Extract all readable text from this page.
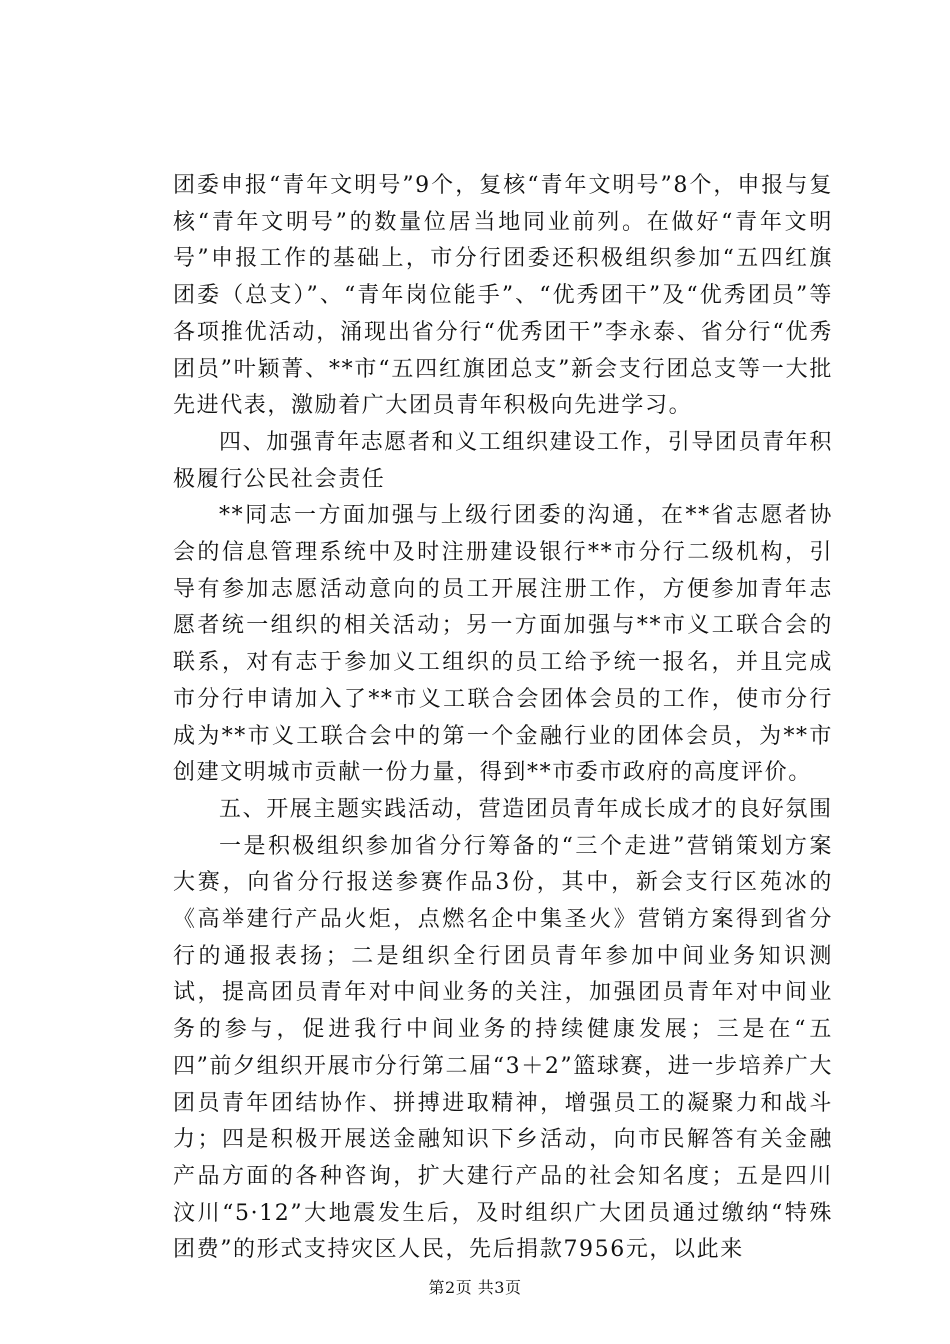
团委申报“青年文明号”9个，复核“青年文明号”8个，申报与复核“青年文明号”的数量位居当地同业前列。在做好“青年文明号”申报工作的基础上，市分行团委还积极组织参加“五四红旗团委（总支）”、“青年岗位能手”、“优秀团干”及“优秀团员”等各项推优活动，涌现出省分行“优秀团干”李永泰、省分行“优秀团员”叶颖菁、**市“五四红旗团总支”新会支行团总支等一大批先进代表，激励着广大团员青年积极向先进学习。

四、加强青年志愿者和义工组织建设工作，引导团员青年积极履行公民社会责任

**同志一方面加强与上级行团委的沟通，在**省志愿者协会的信息管理系统中及时注册建设银行**市分行二级机构，引导有参加志愿活动意向的员工开展注册工作，方便参加青年志愿者统一组织的相关活动；另一方面加强与**市义工联合会的联系，对有志于参加义工组织的员工给予统一报名，并且完成市分行申请加入了**市义工联合会团体会员的工作，使市分行成为**市义工联合会中的第一个金融行业的团体会员，为**市创建文明城市贡献一份力量，得到**市委市政府的高度评价。

五、开展主题实践活动，营造团员青年成长成才的良好氛围

一是积极组织参加省分行筹备的“三个走进”营销策划方案大赛，向省分行报送参赛作品3份，其中，新会支行区苑冰的《高举建行产品火炬，点燃名企中集圣火》营销方案得到省分行的通报表扬；二是组织全行团员青年参加中间业务知识测试，提高团员青年对中间业务的关注，加强团员青年对中间业务的参与，促进我行中间业务的持续健康发展；三是在“五四”前夕组织开展市分行第二届“3＋2”篮球赛，进一步培养广大团员青年团结协作、拼搏进取精神，增强员工的凝聚力和战斗力；四是积极开展送金融知识下乡活动，向市民解答有关金融产品方面的各种咨询，扩大建行产品的社会知名度；五是四川汶川“5·12”大地震发生后，及时组织广大团员通过缴纳“特殊团费”的形式支持灾区人民，先后捐款7956元，以此来

第2页 共3页
